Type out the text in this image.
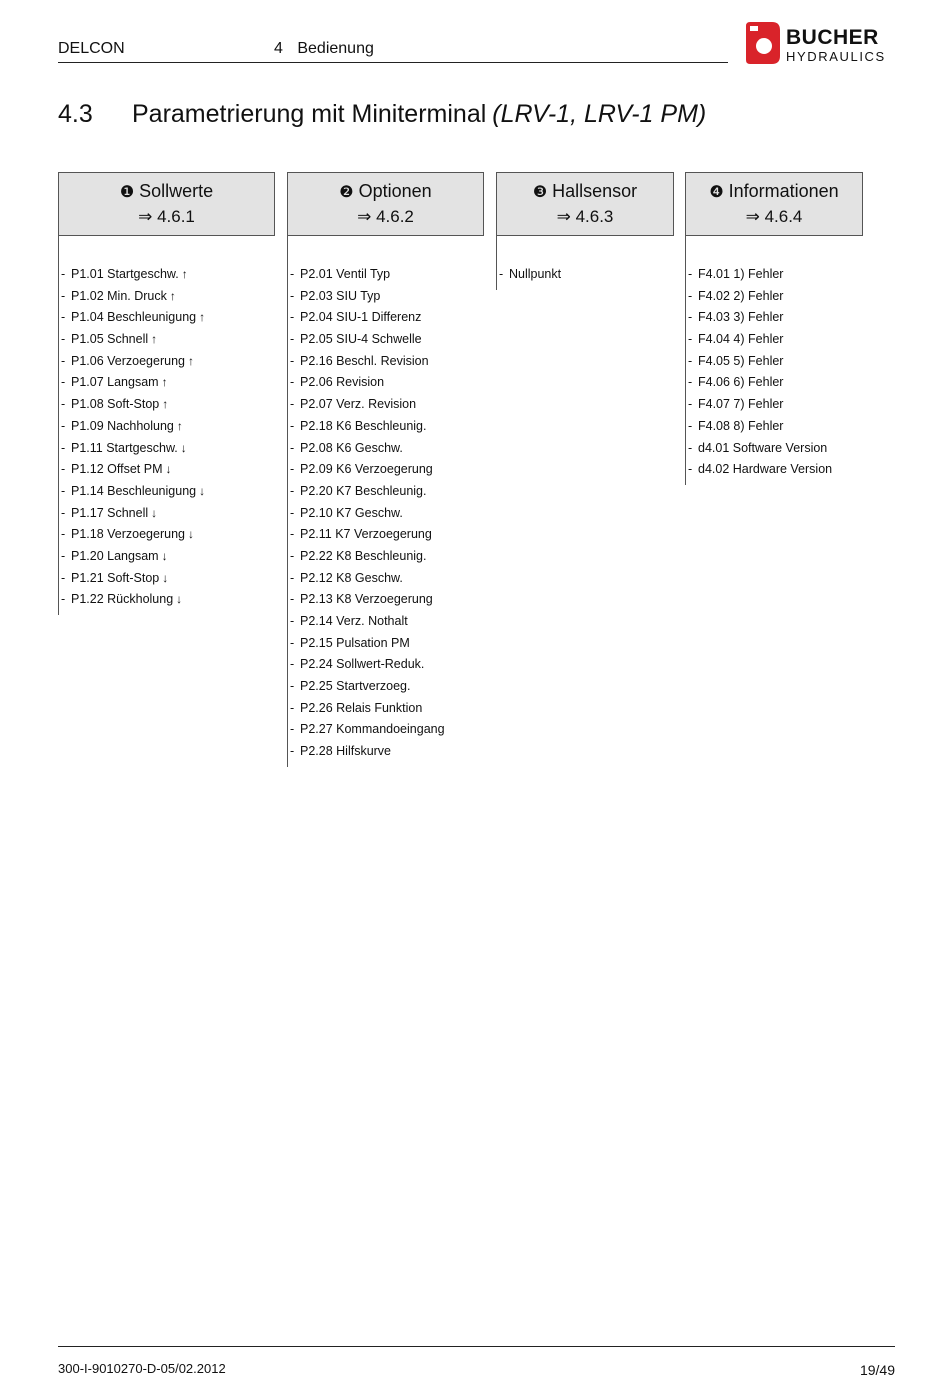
DELCON	4 Bedienung	BUCHER
HYDRAULICS
4.3 Parametrierung mit Miniterminal (LRV-1, LRV-1 PM)
❶ Sollwerte
⇒ 4.6.1
- P1.01 Startgeschw. ↑
- P1.02 Min. Druck ↑
- P1.04 Beschleunigung ↑
- P1.05 Schnell ↑
- P1.06 Verzoegerung ↑
- P1.07 Langsam ↑
- P1.08 Soft-Stop ↑
- P1.09 Nachholung ↑
- P1.11 Startgeschw. ↓
- P1.12 Offset PM ↓
- P1.14 Beschleunigung ↓
- P1.17 Schnell ↓
- P1.18 Verzoegerung ↓
- P1.20 Langsam ↓
- P1.21 Soft-Stop ↓
- P1.22 Rückholung ↓
❷ Optionen
⇒ 4.6.2
- P2.01 Ventil Typ
- P2.03 SIU Typ
- P2.04 SIU-1 Differenz
- P2.05 SIU-4 Schwelle
- P2.16 Beschl. Revision
- P2.06 Revision
- P2.07 Verz. Revision
- P2.18 K6 Beschleunig.
- P2.08 K6 Geschw.
- P2.09 K6 Verzoegerung
- P2.20 K7 Beschleunig.
- P2.10 K7 Geschw.
- P2.11 K7 Verzoegerung
- P2.22 K8 Beschleunig.
- P2.12 K8 Geschw.
- P2.13 K8 Verzoegerung
- P2.14 Verz. Nothalt
- P2.15 Pulsation PM
- P2.24 Sollwert-Reduk.
- P2.25 Startverzoeg.
- P2.26 Relais Funktion
- P2.27 Kommandoeingang
- P2.28 Hilfskurve
❸ Hallsensor
⇒ 4.6.3
- Nullpunkt
❹ Informationen
⇒ 4.6.4
- F4.01 1) Fehler
- F4.02 2) Fehler
- F4.03 3) Fehler
- F4.04 4) Fehler
- F4.05 5) Fehler
- F4.06 6) Fehler
- F4.07 7) Fehler
- F4.08 8) Fehler
- d4.01 Software Version
- d4.02 Hardware Version
300-I-9010270-D-05/02.2012	19/49
